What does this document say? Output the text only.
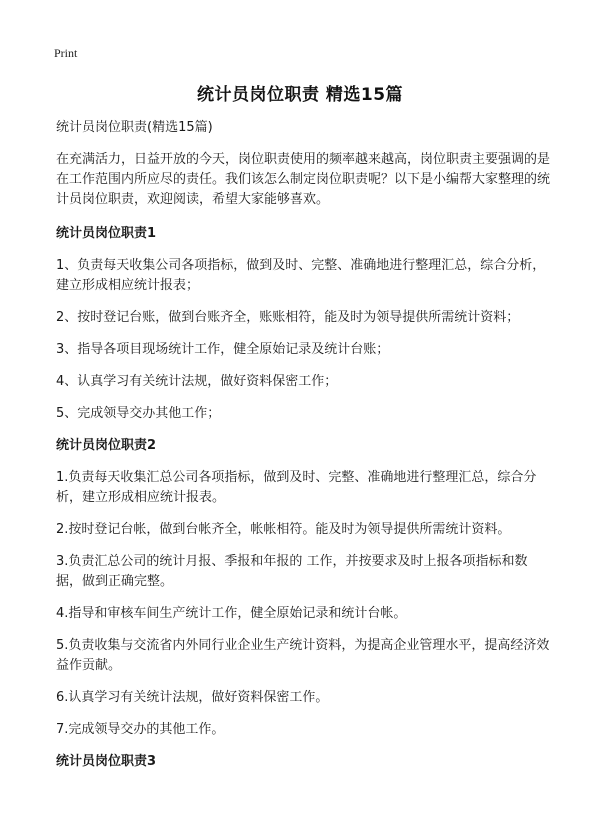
Print
统计员岗位职责 精选15篇
统计员岗位职责(精选15篇)
在充满活力，日益开放的今天，岗位职责使用的频率越来越高，岗位职责主要强调的是在工作范围内所应尽的责任。我们该怎么制定岗位职责呢？以下是小编帮大家整理的统计员岗位职责，欢迎阅读，希望大家能够喜欢。
统计员岗位职责1
1、负责每天收集公司各项指标，做到及时、完整、准确地进行整理汇总，综合分析，建立形成相应统计报表；
2、按时登记台账，做到台账齐全，账账相符，能及时为领导提供所需统计资料；
3、指导各项目现场统计工作，健全原始记录及统计台账；
4、认真学习有关统计法规，做好资料保密工作；
5、完成领导交办其他工作；
统计员岗位职责2
1.负责每天收集汇总公司各项指标，做到及时、完整、准确地进行整理汇总，综合分析，建立形成相应统计报表。
2.按时登记台帐，做到台帐齐全，帐帐相符。能及时为领导提供所需统计资料。
3.负责汇总公司的统计月报、季报和年报的 工作，并按要求及时上报各项指标和数据，做到正确完整。
4.指导和审核车间生产统计工作，健全原始记录和统计台帐。
5.负责收集与交流省内外同行业企业生产统计资料，为提高企业管理水平，提高经济效益作贡献。
6.认真学习有关统计法规，做好资料保密工作。
7.完成领导交办的其他工作。
统计员岗位职责3
